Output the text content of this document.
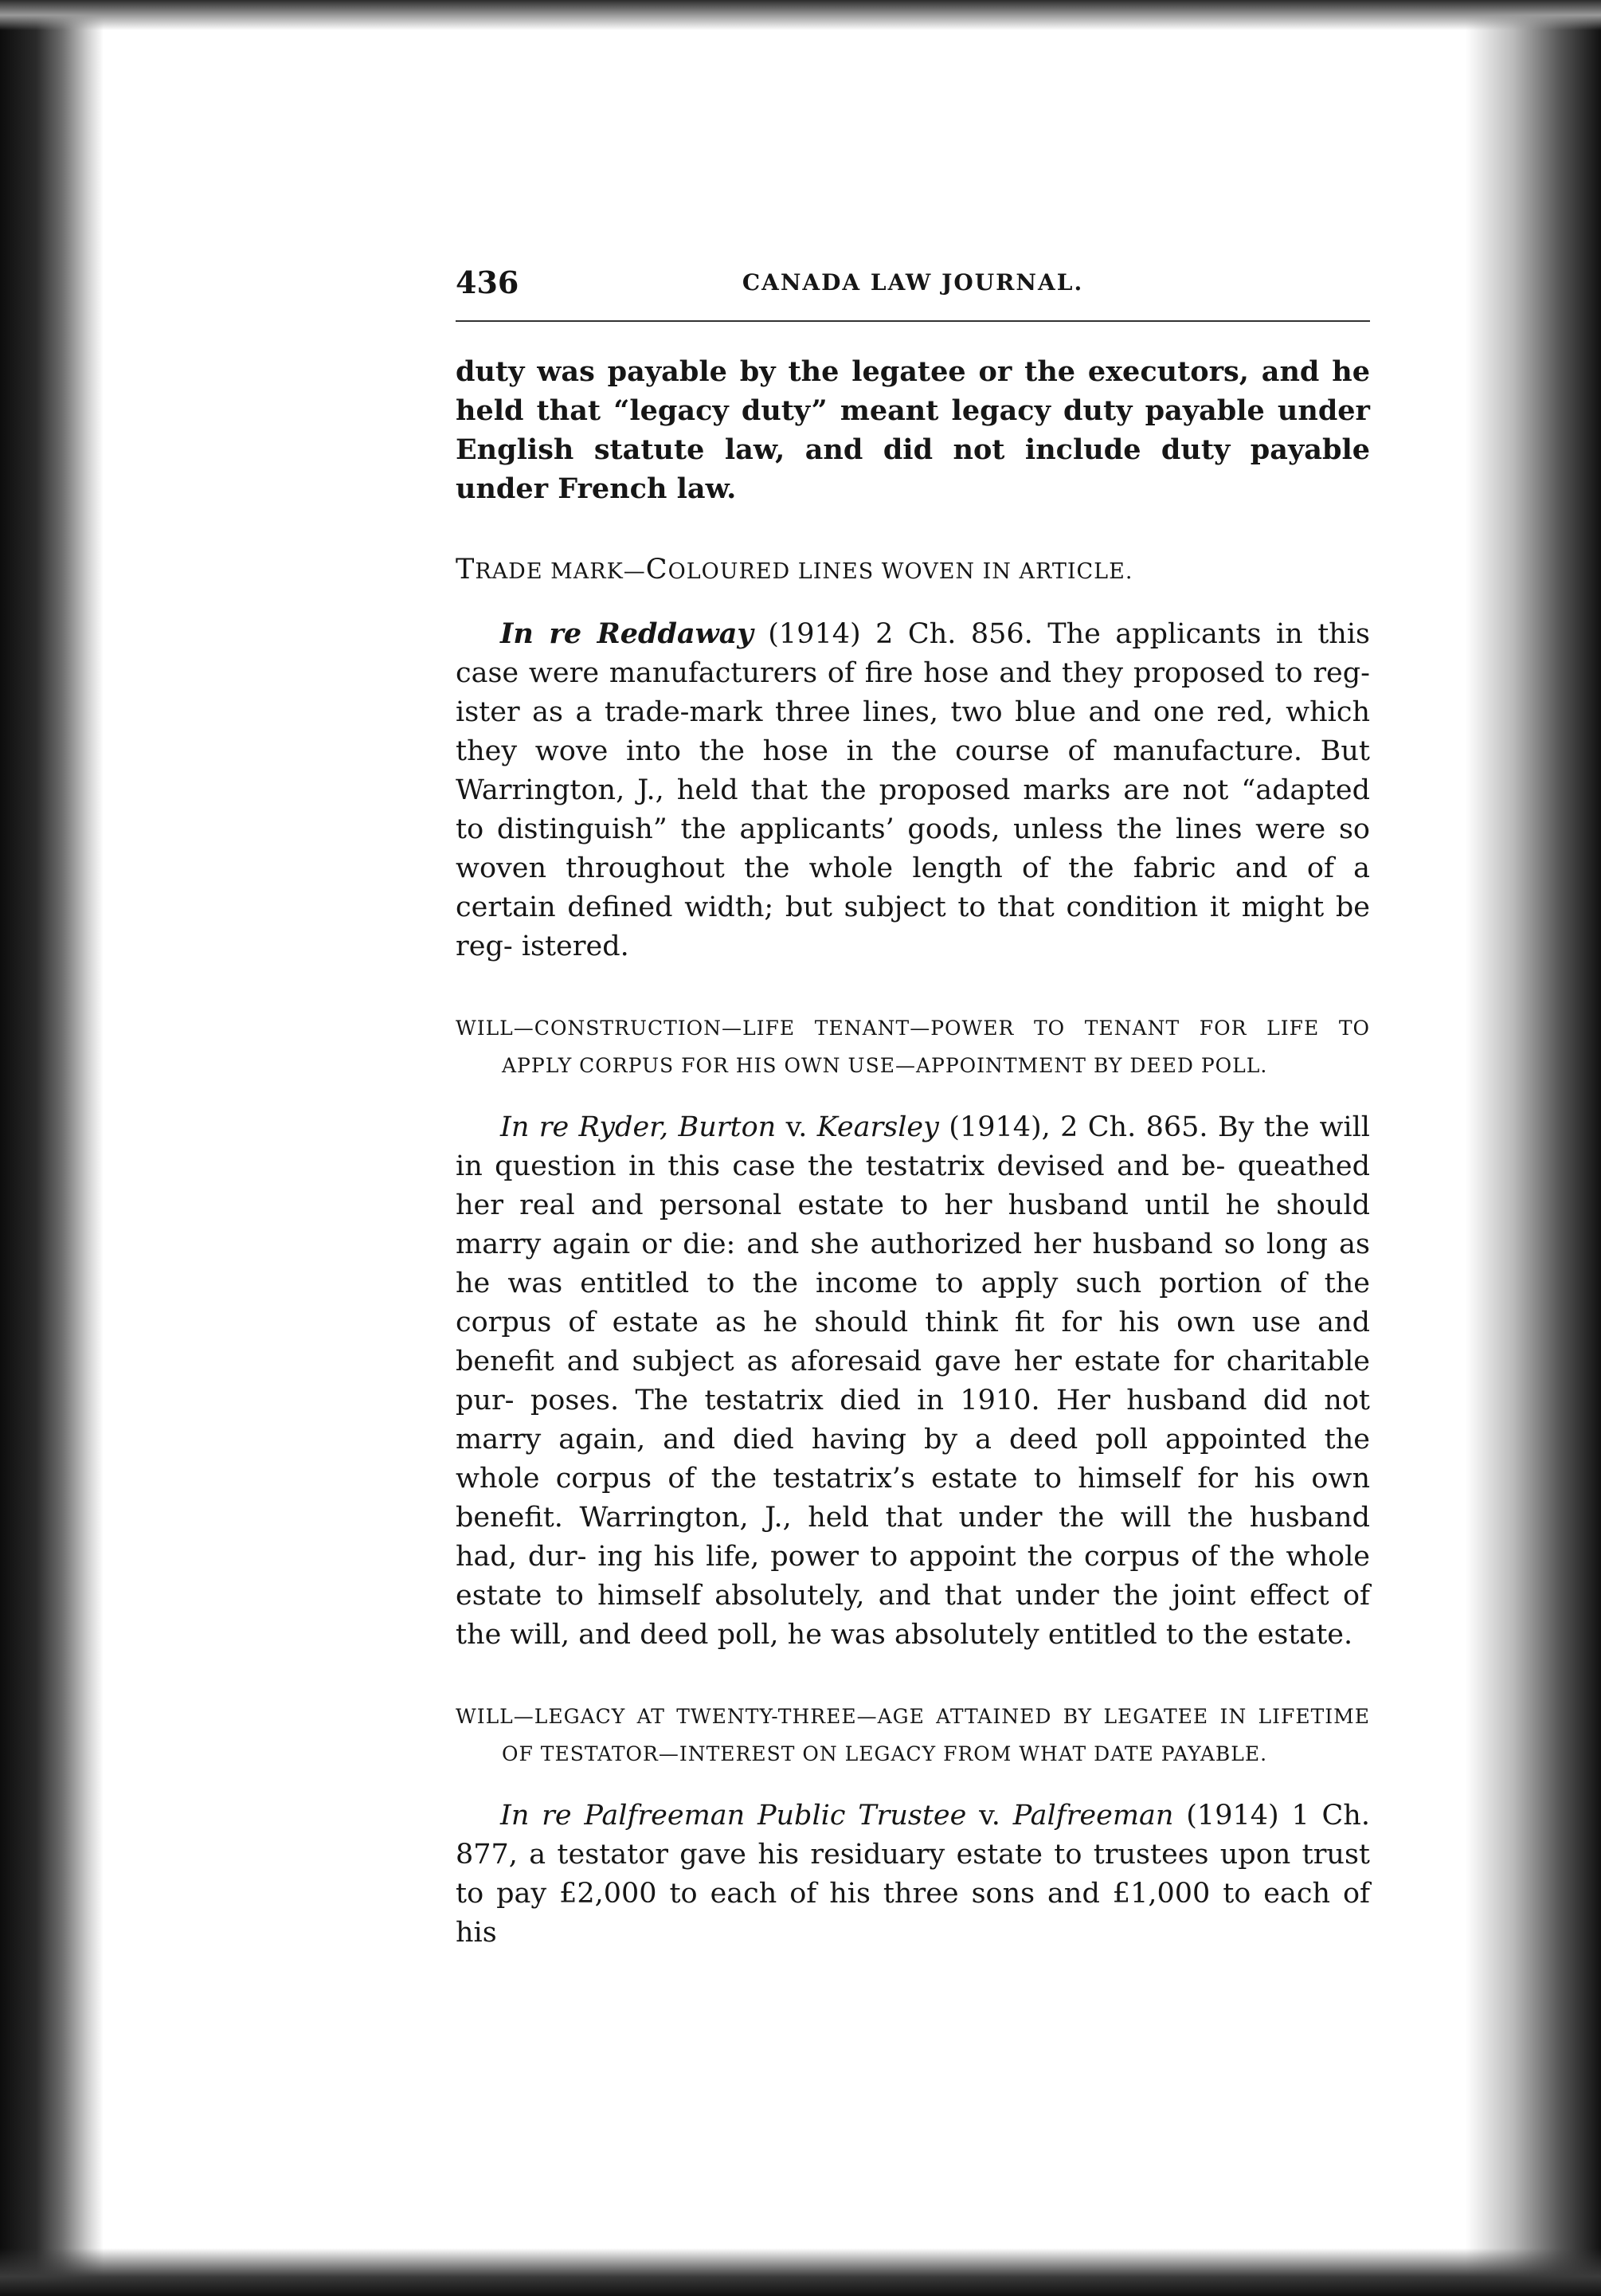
436	CANADA LAW JOURNAL.

duty was payable by the legatee or the executors, and he held that “legacy duty” meant legacy duty payable under English statute law, and did not include duty payable under French law.

TRADE MARK—COLOURED LINES WOVEN IN ARTICLE.

In re Reddaway (1914) 2 Ch. 856. The applicants in this case were manufacturers of fire hose and they proposed to reg- ister as a trade-mark three lines, two blue and one red, which they wove into the hose in the course of manufacture. But Warrington, J., held that the proposed marks are not “adapted to distinguish” the applicants’ goods, unless the lines were so woven throughout the whole length of the fabric and of a certain defined width; but subject to that condition it might be reg- istered.

WILL—CONSTRUCTION—LIFE TENANT—POWER TO TENANT FOR LIFE TO APPLY CORPUS FOR HIS OWN USE—APPOINTMENT BY DEED POLL.

In re Ryder, Burton v. Kearsley (1914), 2 Ch. 865. By the will in question in this case the testatrix devised and be- queathed her real and personal estate to her husband until he should marry again or die: and she authorized her husband so long as he was entitled to the income to apply such portion of the corpus of estate as he should think fit for his own use and benefit and subject as aforesaid gave her estate for charitable pur- poses. The testatrix died in 1910. Her husband did not marry again, and died having by a deed poll appointed the whole corpus of the testatrix’s estate to himself for his own benefit. Warrington, J., held that under the will the husband had, dur- ing his life, power to appoint the corpus of the whole estate to himself absolutely, and that under the joint effect of the will, and deed poll, he was absolutely entitled to the estate.

WILL—LEGACY AT TWENTY-THREE—AGE ATTAINED BY LEGATEE IN LIFETIME OF TESTATOR—INTEREST ON LEGACY FROM WHAT DATE PAYABLE.

In re Palfreeman Public Trustee v. Palfreeman (1914) 1 Ch. 877, a testator gave his residuary estate to trustees upon trust to pay £2,000 to each of his three sons and £1,000 to each of his
